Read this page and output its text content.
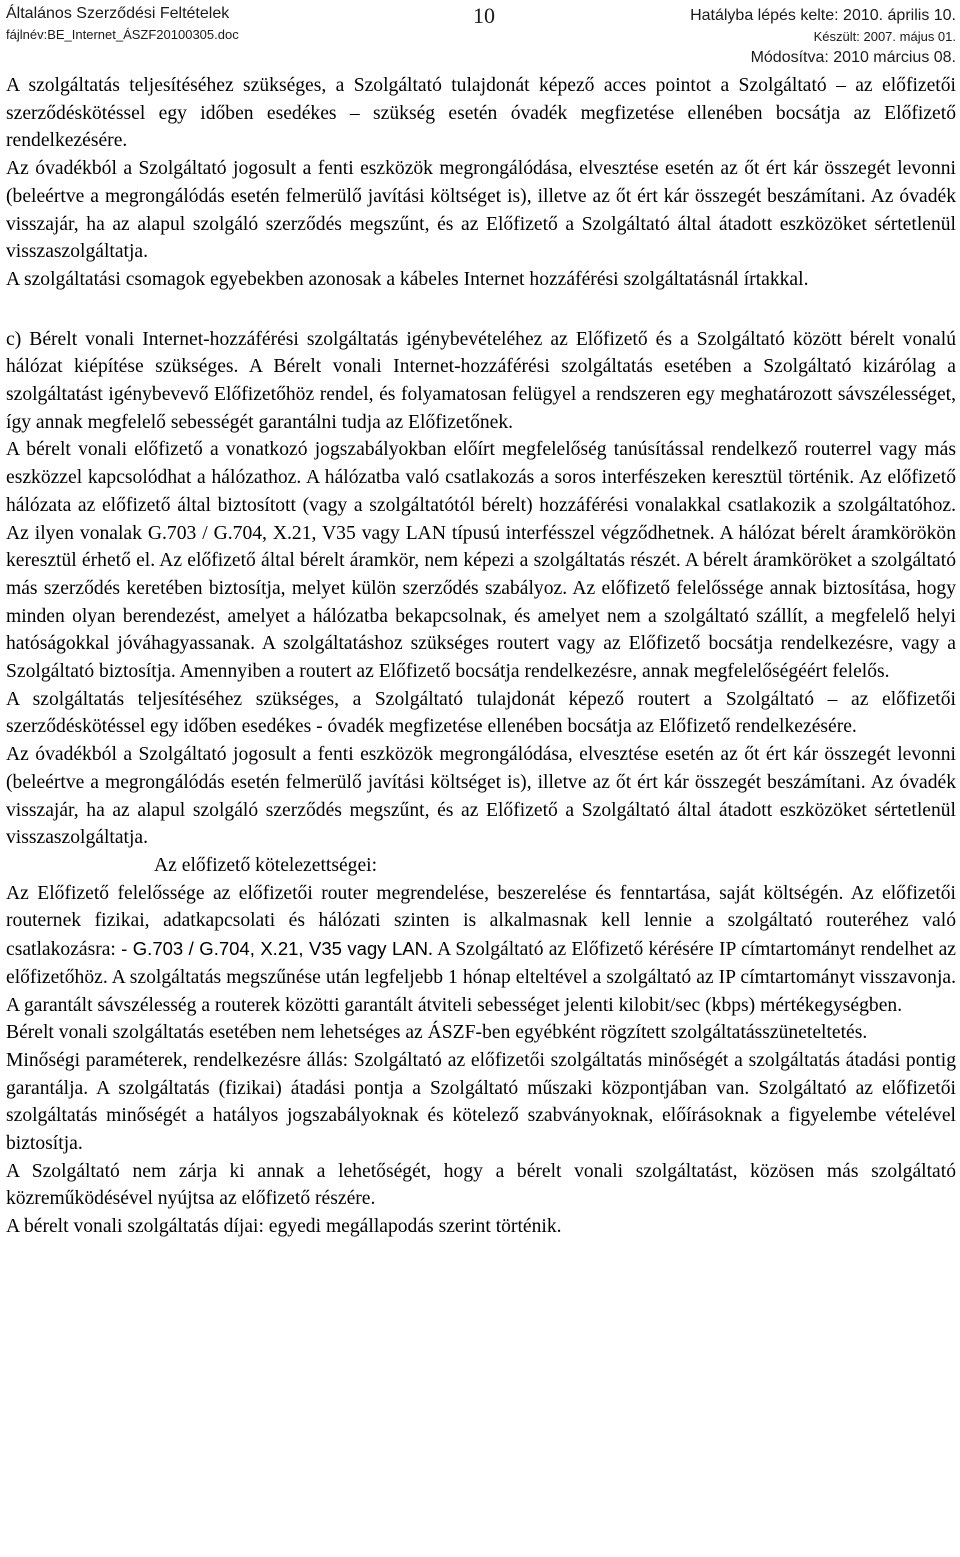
Általános Szerződési Feltételek
fájlnév:BE_Internet_ÁSZF20100305.doc
10	Hatályba lépés kelte: 2010. április 10.
Készült: 2007. május 01.
Módosítva: 2010 március 08.

A szolgáltatás teljesítéséhez szükséges, a Szolgáltató tulajdonát képező acces pointot a Szolgáltató – az előfizetői szerződéskötéssel egy időben esedékes – szükség esetén óvadék megfizetése ellenében bocsátja az Előfizető rendelkezésére.

Az óvadékból a Szolgáltató jogosult a fenti eszközök megrongálódása, elvesztése esetén az őt ért kár összegét levonni (beleértve a megrongálódás esetén felmerülő javítási költséget is), illetve az őt ért kár összegét beszámítani. Az óvadék visszajár, ha az alapul szolgáló szerződés megszűnt, és az Előfizető a Szolgáltató által átadott eszközöket sértetlenül visszaszolgáltatja.

A szolgáltatási csomagok egyebekben azonosak a kábeles Internet hozzáférési szolgáltatásnál írtakkal.

c) Bérelt vonali Internet-hozzáférési szolgáltatás igénybevételéhez az Előfizető és a Szolgáltató között bérelt vonalú hálózat kiépítése szükséges. A Bérelt vonali Internet-hozzáférési szolgáltatás esetében a Szolgáltató kizárólag a szolgáltatást igénybevevő Előfizetőhöz rendel, és folyamatosan felügyel a rendszeren egy meghatározott sávszélességet, így annak megfelelő sebességét garantálni tudja az Előfizetőnek.

A bérelt vonali előfizető a vonatkozó jogszabályokban előírt megfelelőség tanúsítással rendelkező routerrel vagy más eszközzel kapcsolódhat a hálózathoz. A hálózatba való csatlakozás a soros interfészeken keresztül történik. Az előfizető hálózata az előfizető által biztosított (vagy a szolgáltatótól bérelt) hozzáférési vonalakkal csatlakozik a szolgáltatóhoz. Az ilyen vonalak G.703 / G.704, X.21, V35 vagy LAN típusú interfésszel végződhetnek. A hálózat bérelt áramkörökön keresztül érhető el. Az előfizető által bérelt áramkör, nem képezi a szolgáltatás részét. A bérelt áramköröket a szolgáltató más szerződés keretében biztosítja, melyet külön szerződés szabályoz. Az előfizető felelőssége annak biztosítása, hogy minden olyan berendezést, amelyet a hálózatba bekapcsolnak, és amelyet nem a szolgáltató szállít, a megfelelő helyi hatóságokkal jóváhagyassanak. A szolgáltatáshoz szükséges routert vagy az Előfizető bocsátja rendelkezésre, vagy a Szolgáltató biztosítja. Amennyiben a routert az Előfizető bocsátja rendelkezésre, annak megfelelőségéért felelős.

A szolgáltatás teljesítéséhez szükséges, a Szolgáltató tulajdonát képező routert a Szolgáltató – az előfizetői szerződéskötéssel egy időben esedékes - óvadék megfizetése ellenében bocsátja az Előfizető rendelkezésére.

Az óvadékból a Szolgáltató jogosult a fenti eszközök megrongálódása, elvesztése esetén az őt ért kár összegét levonni (beleértve a megrongálódás esetén felmerülő javítási költséget is), illetve az őt ért kár összegét beszámítani. Az óvadék visszajár, ha az alapul szolgáló szerződés megszűnt, és az Előfizető a Szolgáltató által átadott eszközöket sértetlenül visszaszolgáltatja.

Az előfizető kötelezettségei:

Az Előfizető felelőssége az előfizetői router megrendelése, beszerelése és fenntartása, saját költségén. Az előfizetői routernek fizikai, adatkapcsolati és hálózati szinten is alkalmasnak kell lennie a szolgáltató routeréhez való csatlakozásra: - G.703 / G.704, X.21, V35 vagy LAN. A Szolgáltató az Előfizető kérésére IP címtartományt rendelhet az előfizetőhöz. A szolgáltatás megszűnése után legfeljebb 1 hónap elteltével a szolgáltató az IP címtartományt visszavonja. A garantált sávszélesség a routerek közötti garantált átviteli sebességet jelenti kilobit/sec (kbps) mértékegységben.

Bérelt vonali szolgáltatás esetében nem lehetséges az ÁSZF-ben egyébként rögzített szolgáltatásszüneteltetés.

Minőségi paraméterek, rendelkezésre állás: Szolgáltató az előfizetői szolgáltatás minőségét a szolgáltatás átadási pontig garantálja. A szolgáltatás (fizikai) átadási pontja a Szolgáltató műszaki központjában van. Szolgáltató az előfizetői szolgáltatás minőségét a hatályos jogszabályoknak és kötelező szabványoknak, előírásoknak a figyelembe vételével biztosítja.

A Szolgáltató nem zárja ki annak a lehetőségét, hogy a bérelt vonali szolgáltatást, közösen más szolgáltató közreműködésével nyújtsa az előfizető részére.

A bérelt vonali szolgáltatás díjai: egyedi megállapodás szerint történik.
